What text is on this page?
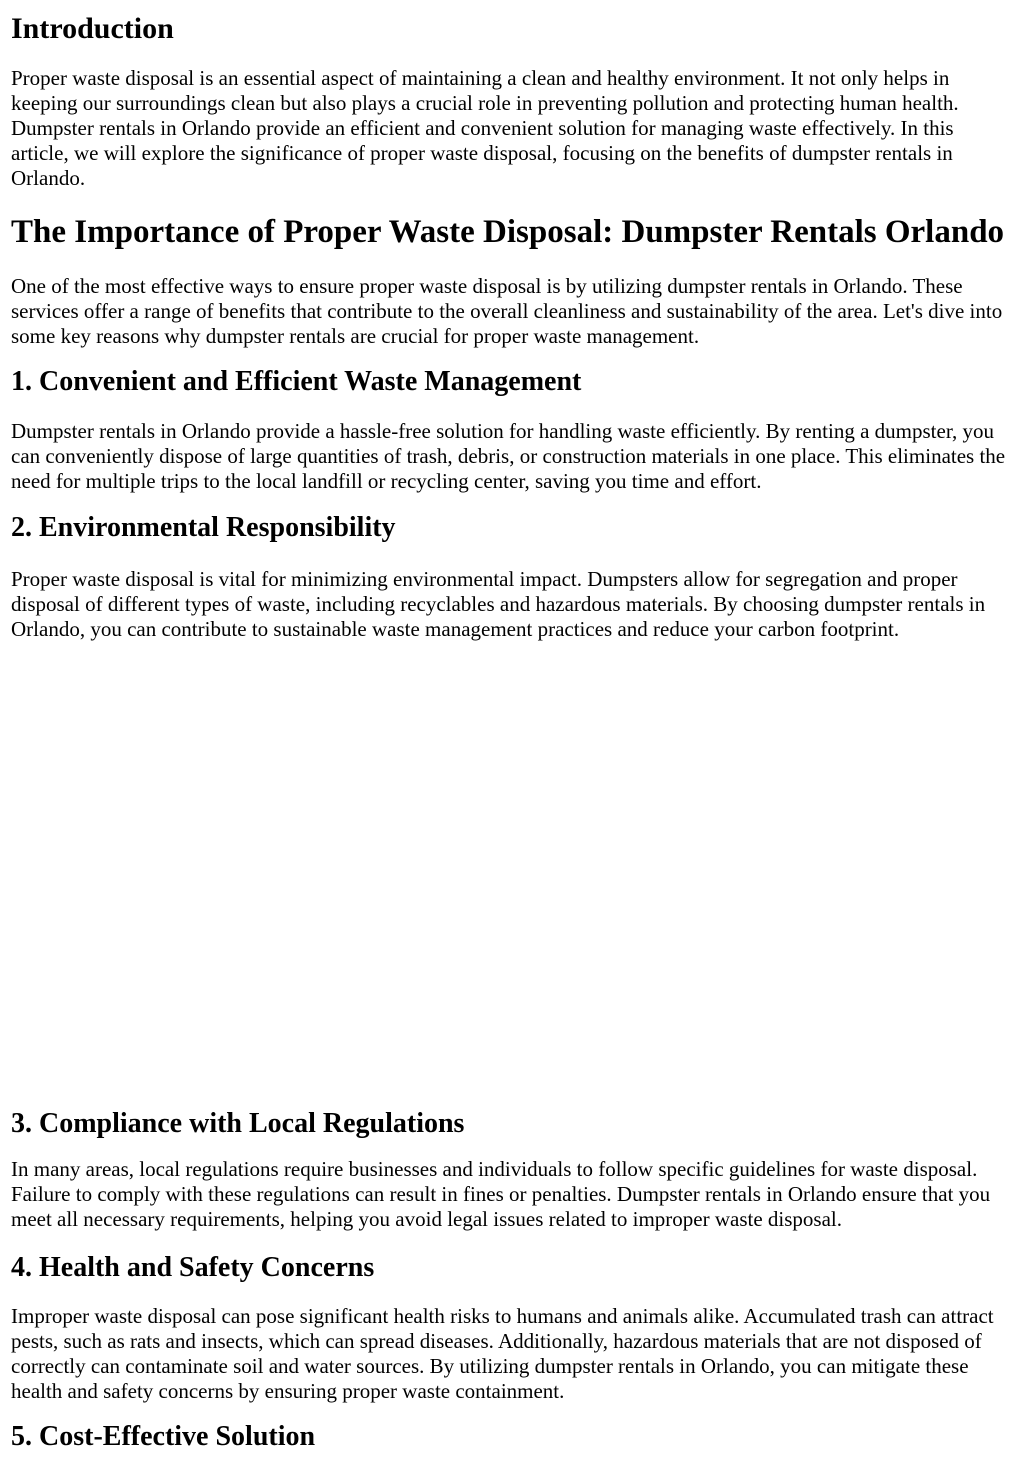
Introduction

Proper waste disposal is an essential aspect of maintaining a clean and healthy environment. It not only helps in keeping our surroundings clean but also plays a crucial role in preventing pollution and protecting human health. Dumpster rentals in Orlando provide an efficient and convenient solution for managing waste effectively. In this article, we will explore the significance of proper waste disposal, focusing on the benefits of dumpster rentals in Orlando.

The Importance of Proper Waste Disposal: Dumpster Rentals Orlando

One of the most effective ways to ensure proper waste disposal is by utilizing dumpster rentals in Orlando. These services offer a range of benefits that contribute to the overall cleanliness and sustainability of the area. Let's dive into some key reasons why dumpster rentals are crucial for proper waste management.

1. Convenient and Efficient Waste Management

Dumpster rentals in Orlando provide a hassle-free solution for handling waste efficiently. By renting a dumpster, you can conveniently dispose of large quantities of trash, debris, or construction materials in one place. This eliminates the need for multiple trips to the local landfill or recycling center, saving you time and effort.

2. Environmental Responsibility

Proper waste disposal is vital for minimizing environmental impact. Dumpsters allow for segregation and proper disposal of different types of waste, including recyclables and hazardous materials. By choosing dumpster rentals in Orlando, you can contribute to sustainable waste management practices and reduce your carbon footprint.

3. Compliance with Local Regulations

In many areas, local regulations require businesses and individuals to follow specific guidelines for waste disposal. Failure to comply with these regulations can result in fines or penalties. Dumpster rentals in Orlando ensure that you meet all necessary requirements, helping you avoid legal issues related to improper waste disposal.

4. Health and Safety Concerns

Improper waste disposal can pose significant health risks to humans and animals alike. Accumulated trash can attract pests, such as rats and insects, which can spread diseases. Additionally, hazardous materials that are not disposed of correctly can contaminate soil and water sources. By utilizing dumpster rentals in Orlando, you can mitigate these health and safety concerns by ensuring proper waste containment.

5. Cost-Effective Solution
